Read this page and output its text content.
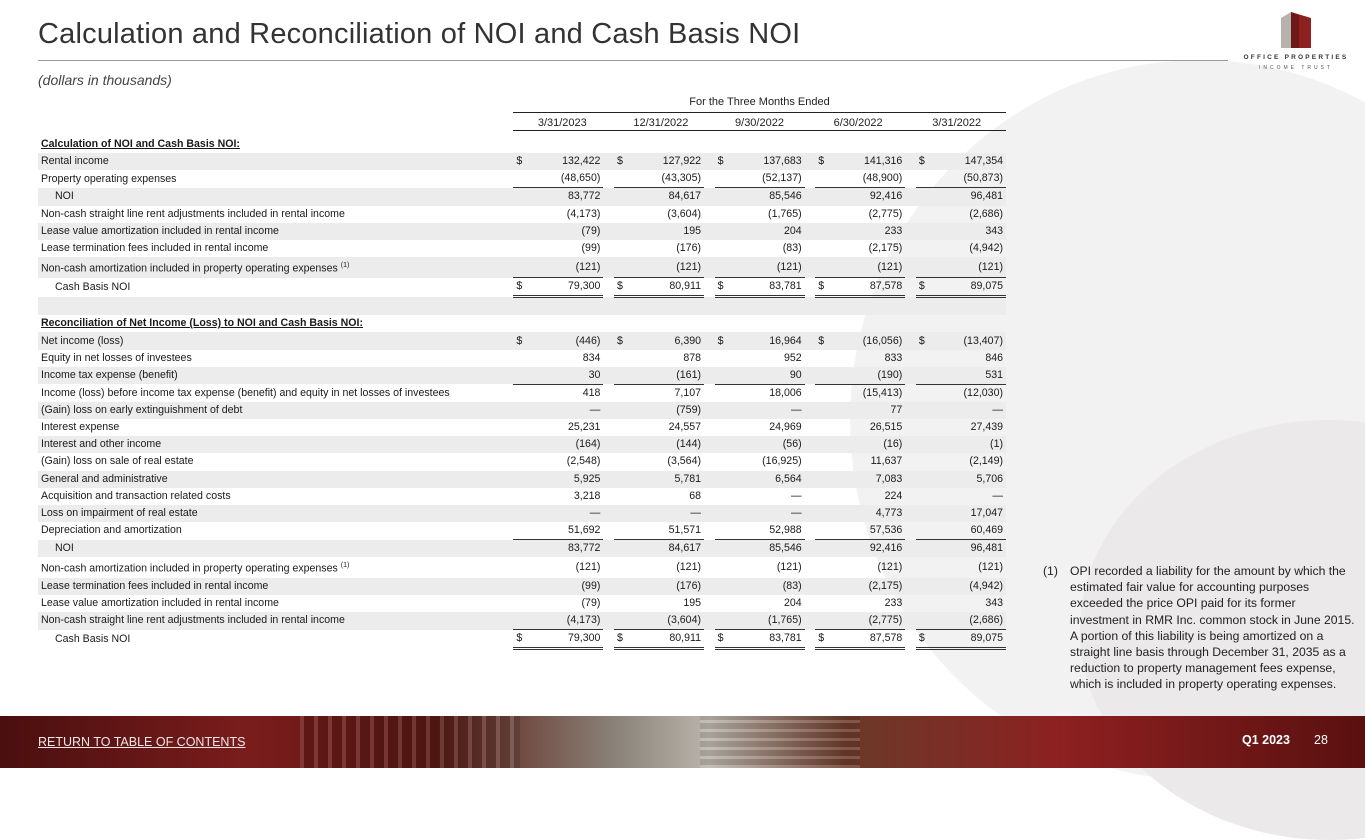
Calculation and Reconciliation of NOI and Cash Basis NOI
(dollars in thousands)
OFFICE PROPERTIES
INCOME TRUST
For the Three Months Ended
3/31/2023	12/31/2022	9/30/2022	6/30/2022	3/31/2022
Calculation of NOI and Cash Basis NOI:															
Rental income		$	132,422		$	127,922		$	137,683		$	141,316		$	147,354
Property operating expenses			(48,650)			(43,305)			(52,137)			(48,900)			(50,873)
NOI			83,772			84,617			85,546			92,416			96,481
Non-cash straight line rent adjustments included in rental income			(4,173)			(3,604)			(1,765)			(2,775)			(2,686)
Lease value amortization included in rental income			(79)			195			204			233			343
Lease termination fees included in rental income			(99)			(176)			(83)			(2,175)			(4,942)
Non-cash amortization included in property operating expenses $^{(1)}$			(121)			(121)			(121)			(121)			(121)
Cash Basis NOI		$	79,300		$	80,911		$	83,781		$	87,578		$	89,075

Reconciliation of Net Income (Loss) to NOI and Cash Basis NOI:															
Net income (loss)		$	(446)		$	6,390		$	16,964		$	(16,056)		$	(13,407)
Equity in net losses of investees			834			878			952			833			846
Income tax expense (benefit)			30			(161)			90			(190)			531
Income (loss) before income tax expense (benefit) and equity in net losses of investees			418			7,107			18,006			(15,413)			(12,030)
(Gain) loss on early extinguishment of debt			—			(759)			—			77			—
Interest expense			25,231			24,557			24,969			26,515			27,439
Interest and other income			(164)			(144)			(56)			(16)			(1)
(Gain) loss on sale of real estate			(2,548)			(3,564)			(16,925)			11,637			(2,149)
General and administrative			5,925			5,781			6,564			7,083			5,706
Acquisition and transaction related costs			3,218			68			—			224			—
Loss on impairment of real estate			—			—			—			4,773			17,047
Depreciation and amortization			51,692			51,571			52,988			57,536			60,469
NOI			83,772			84,617			85,546			92,416			96,481
Non-cash amortization included in property operating expenses $^{(1)}$			(121)			(121)			(121)			(121)			(121)
Lease termination fees included in rental income			(99)			(176)			(83)			(2,175)			(4,942)
Lease value amortization included in rental income			(79)			195			204			233			343
Non-cash straight line rent adjustments included in rental income			(4,173)			(3,604)			(1,765)			(2,775)			(2,686)
Cash Basis NOI		$	79,300		$	80,911		$	83,781		$	87,578		$	89,075
(1) OPI recorded a liability for the amount by which the estimated fair value for accounting purposes exceeded the price OPI paid for its former investment in RMR Inc. common stock in June 2015. A portion of this liability is being amortized on a straight line basis through December 31, 2035 as a reduction to property management fees expense, which is included in property operating expenses.
RETURN TO TABLE OF CONTENTS	Q1 2023 28
